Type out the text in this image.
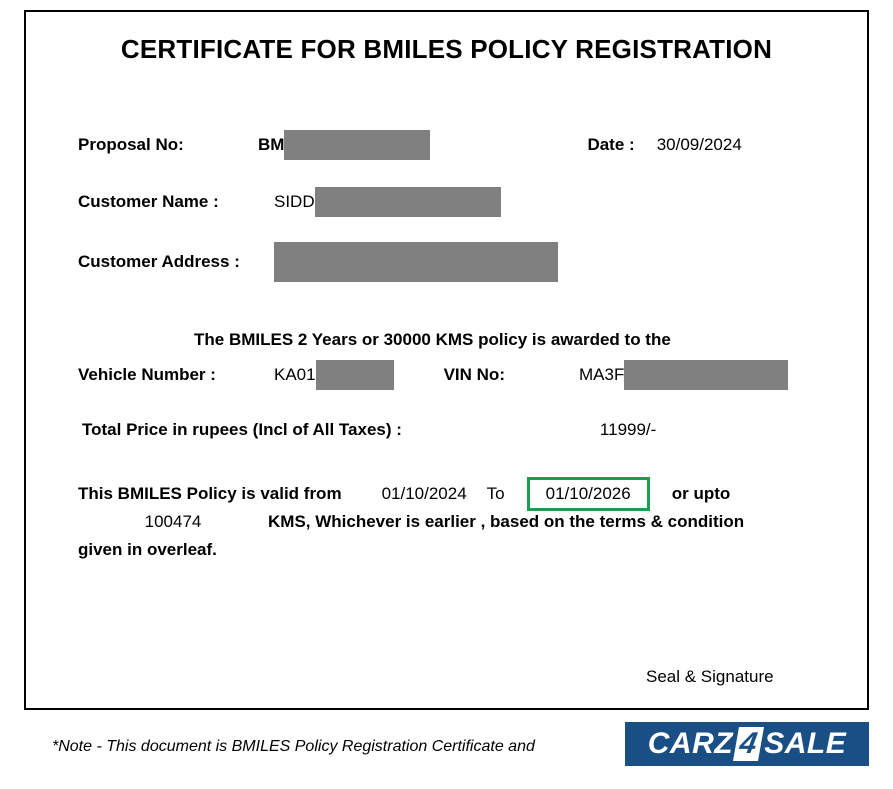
CERTIFICATE FOR BMILES POLICY REGISTRATION
Proposal No:	BM	Date : 30/09/2024
Customer Name :	SIDD
Customer Address :
The BMILES 2 Years or 30000 KMS policy is awarded to the
Vehicle Number :	KA01	VIN No:	MA3F
Total Price in rupees (Incl of All Taxes) :	11999/-
This BMILES Policy is valid from 01/10/2024 To	01/10/2026	or upto
100474	KMS, Whichever is earlier , based on the terms & condition
given in overleaf.
Seal & Signature
*Note - This document is BMILES Policy Registration Certificate and	CARZ 4 SALE
